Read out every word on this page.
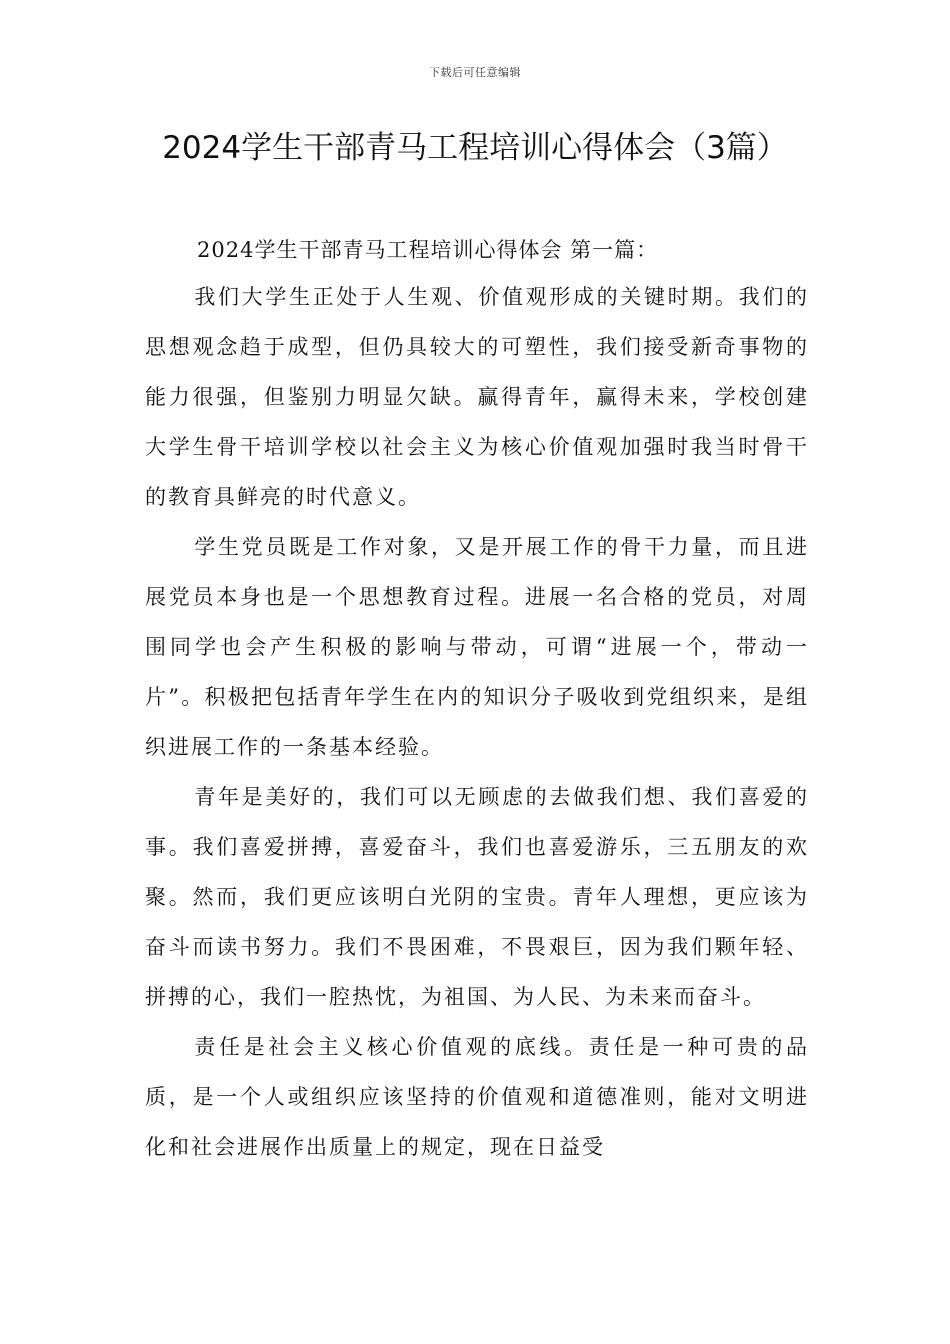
下载后可任意编辑
2024学生干部青马工程培训心得体会（3篇）

2024学生干部青马工程培训心得体会 第一篇：

我们大学生正处于人生观、价值观形成的关键时期。我们的思想观念趋于成型，但仍具较大的可塑性，我们接受新奇事物的能力很强，但鉴别力明显欠缺。赢得青年，赢得未来，学校创建大学生骨干培训学校以社会主义为核心价值观加强时我当时骨干的教育具鲜亮的时代意义。

学生党员既是工作对象，又是开展工作的骨干力量，而且进展党员本身也是一个思想教育过程。进展一名合格的党员，对周围同学也会产生积极的影响与带动，可谓“进展一个，带动一片”。积极把包括青年学生在内的知识分子吸收到党组织来，是组织进展工作的一条基本经验。

青年是美好的，我们可以无顾虑的去做我们想、我们喜爱的事。我们喜爱拼搏，喜爱奋斗，我们也喜爱游乐，三五朋友的欢聚。然而，我们更应该明白光阴的宝贵。青年人理想，更应该为奋斗而读书努力。我们不畏困难，不畏艰巨，因为我们颗年轻、拼搏的心，我们一腔热忱，为祖国、为人民、为未来而奋斗。

责任是社会主义核心价值观的底线。责任是一种可贵的品质，是一个人或组织应该坚持的价值观和道德准则，能对文明进化和社会进展作出质量上的规定，现在日益受
